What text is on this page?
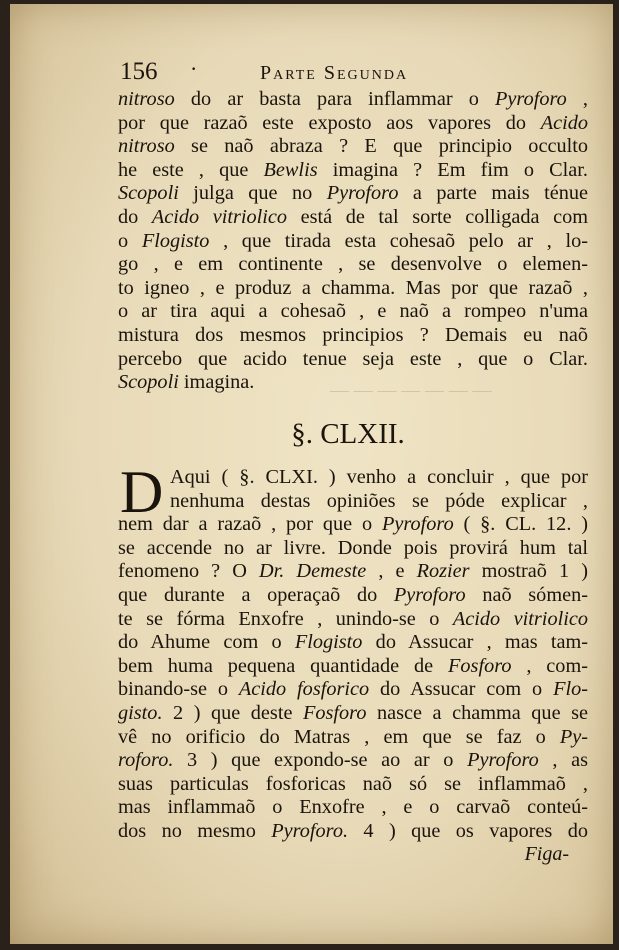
— — — — — — —
156 ·	Parte Segunda
nitroso do ar basta para inflammar o Pyroforo ,
por que razaõ este exposto aos vapores do Acido
nitroso se naõ abraza ? E que principio occulto
he este , que Bewlis imagina ? Em fim o Clar.
Scopoli julga que no Pyroforo a parte mais ténue
do Acido vitriolico está de tal sorte colligada com
o Flogisto , que tirada esta cohesaõ pelo ar , lo-
go , e em continente , se desenvolve o elemen-
to igneo , e produz a chamma. Mas por que razaõ ,
o ar tira aqui a cohesaõ , e naõ a rompeo n'uma
mistura dos mesmos principios ? Demais eu naõ
percebo que acido tenue seja este , que o Clar.
Scopoli imagina.
§. CLXII.
D Aqui ( §. CLXI. ) venho a concluir , que por
nenhuma destas opiniões se póde explicar ,
nem dar a razaõ , por que o Pyroforo ( §. CL. 12. )
se accende no ar livre. Donde pois provirá hum tal
fenomeno ? O Dr. Demeste , e Rozier mostraõ 1 )
que durante a operaçaõ do Pyroforo naõ sómen-
te se fórma Enxofre , unindo-se o Acido vitriolico
do Ahume com o Flogisto do Assucar , mas tam-
bem huma pequena quantidade de Fosforo , com-
binando-se o Acido fosforico do Assucar com o Flo-
gisto. 2 ) que deste Fosforo nasce a chamma que se
vê no orificio do Matras , em que se faz o Py-
roforo. 3 ) que expondo-se ao ar o Pyroforo , as
suas particulas fosforicas naõ só se inflammaõ ,
mas inflammaõ o Enxofre , e o carvaõ conteú-
dos no mesmo Pyroforo. 4 ) que os vapores do
Figa-
